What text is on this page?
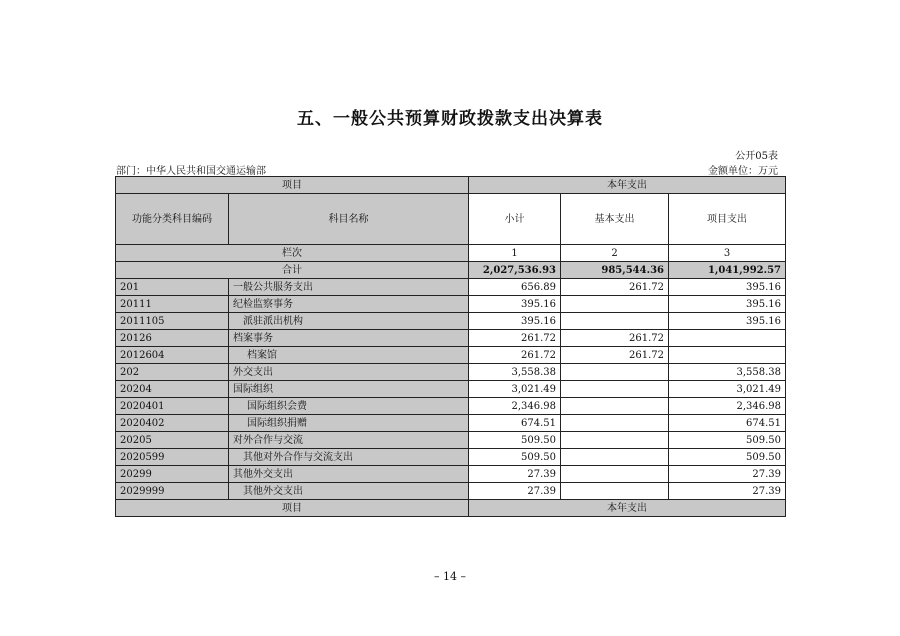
五、一般公共预算财政拨款支出决算表
公开05表
部门：中华人民共和国交通运输部	金额单位：万元
项目		本年支出		
功能分类科目编码	科目名称	小计	基本支出	项目支出
栏次		1	2	3
合计		2,027,536.93	985,544.36	1,041,992.57
201	一般公共服务支出	656.89	261.72	395.16
20111	纪检监察事务	395.16		395.16
2011105	派驻派出机构	395.16		395.16
20126	档案事务	261.72	261.72	
2012604	档案馆	261.72	261.72	
202	外交支出	3,558.38		3,558.38
20204	国际组织	3,021.49		3,021.49
2020401	国际组织会费	2,346.98		2,346.98
2020402	国际组织捐赠	674.51		674.51
20205	对外合作与交流	509.50		509.50
2020599	其他对外合作与交流支出	509.50		509.50
20299	其他外交支出	27.39		27.39
2029999	其他外交支出	27.39		27.39
项目		本年支出		
– 14 –
